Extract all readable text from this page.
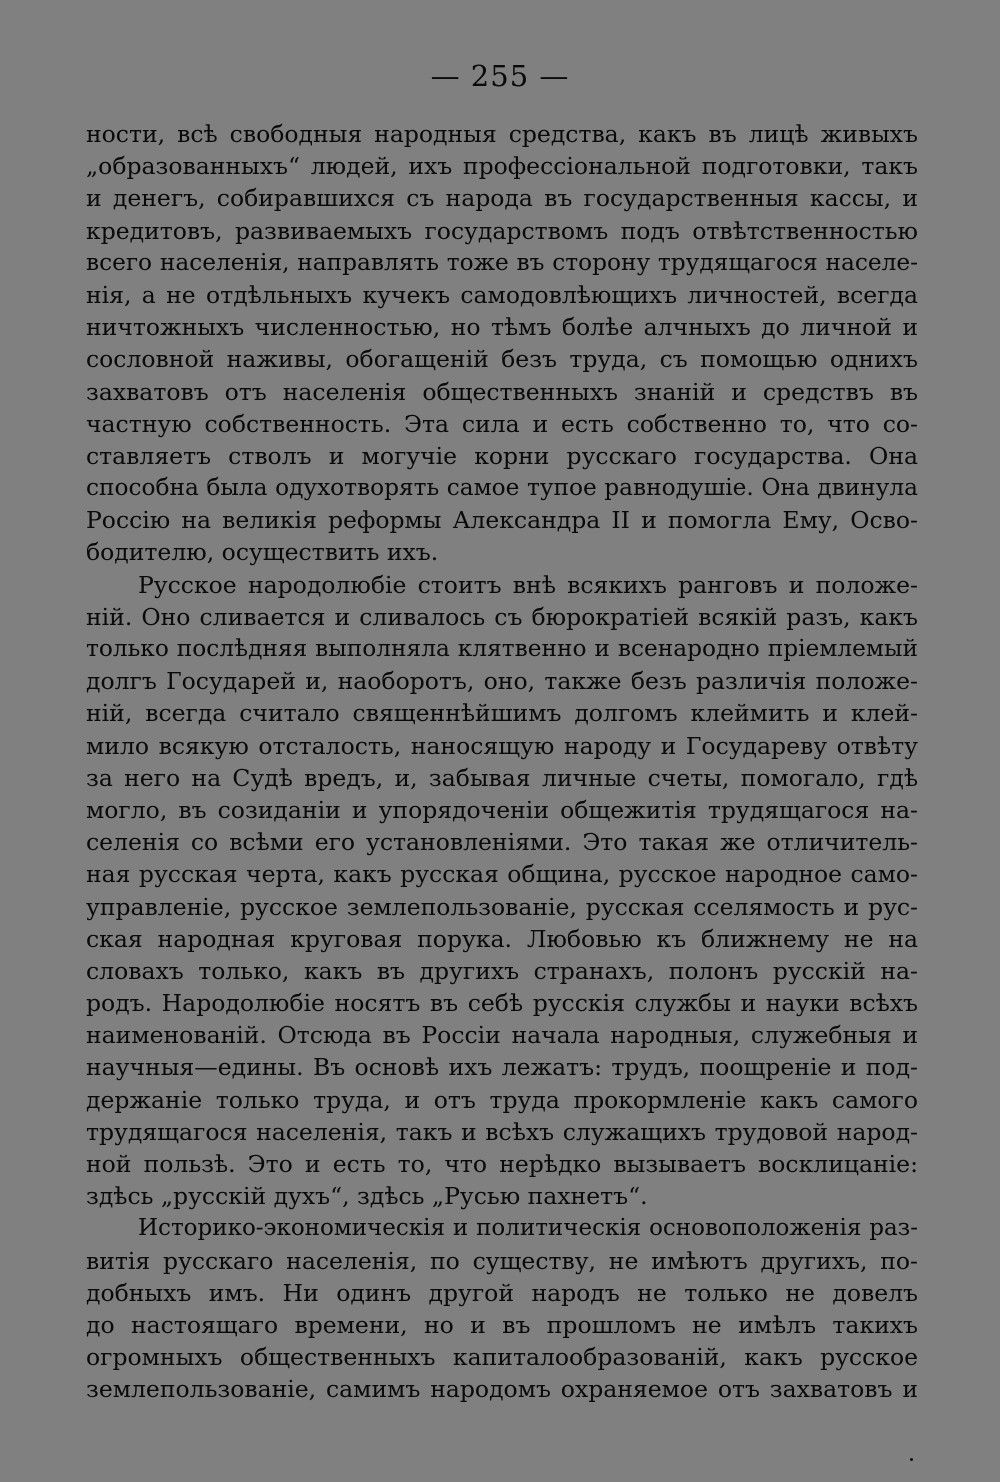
— 255 —
ности, всѣ свободныя народныя средства, какъ въ лицѣ живыхъ
„образованныхъ“ людей, ихъ профессіональной подготовки, такъ
и денегъ, собиравшихся съ народа въ государственныя кассы, и
кредитовъ, развиваемыхъ государствомъ подъ отвѣтственностью
всего населенія, направлять тоже въ сторону трудящагося населе-
нія, а не отдѣльныхъ кучекъ самодовлѣющихъ личностей, всегда
ничтожныхъ численностью, но тѣмъ болѣе алчныхъ до личной и
сословной наживы, обогащеній безъ труда, съ помощью однихъ
захватовъ отъ населенія общественныхъ знаній и средствъ въ
частную собственность. Эта сила и есть собственно то, что со-
ставляетъ стволъ и могучіе корни русскаго государства. Она
способна была одухотворять самое тупое равнодушіе. Она двинула
Россію на великія реформы Александра II и помогла Ему, Осво-
бодителю, осуществить ихъ.
Русское народолюбіе стоитъ внѣ всякихъ ранговъ и положе-
ній. Оно сливается и сливалось съ бюрократіей всякій разъ, какъ
только послѣдняя выполняла клятвенно и всенародно пріемлемый
долгъ Государей и, наоборотъ, оно, также безъ различія положе-
ній, всегда считало священнѣйшимъ долгомъ клеймить и клей-
мило всякую отсталость, наносящую народу и Государеву отвѣту
за него на Судѣ вредъ, и, забывая личные счеты, помогало, гдѣ
могло, въ созиданіи и упорядоченіи общежитія трудящагося на-
селенія со всѣми его установленіями. Это такая же отличитель-
ная русская черта, какъ русская община, русское народное само-
управленіе, русское землепользованіе, русская сселямость и рус-
ская народная круговая порука. Любовью къ ближнему не на
словахъ только, какъ въ другихъ странахъ, полонъ русскій на-
родъ. Народолюбіе носятъ въ себѣ русскія службы и науки всѣхъ
наименованій. Отсюда въ Россіи начала народныя, служебныя и
научныя—едины. Въ основѣ ихъ лежатъ: трудъ, поощреніе и под-
держаніе только труда, и отъ труда прокормленіе какъ самого
трудящагося населенія, такъ и всѣхъ служащихъ трудовой народ-
ной пользѣ. Это и есть то, что нерѣдко вызываетъ восклицаніе:
здѣсь „русскій духъ“, здѣсь „Русью пахнетъ“.
Историко-экономическія и политическія основоположенія раз-
витія русскаго населенія, по существу, не имѣютъ другихъ, по-
добныхъ имъ. Ни одинъ другой народъ не только не довелъ
до настоящаго времени, но и въ прошломъ не имѣлъ такихъ
огромныхъ общественныхъ капиталообразованій, какъ русское
землепользованіе, самимъ народомъ охраняемое отъ захватовъ и
